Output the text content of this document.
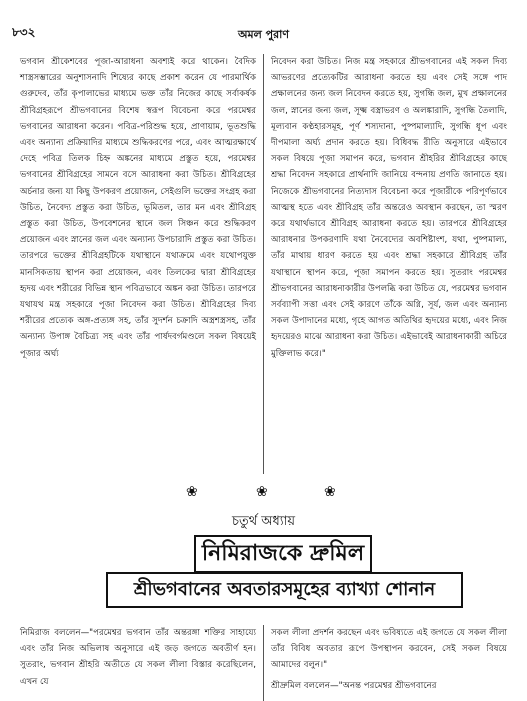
৮৩২	অমল পুরাণ

ভগবান শ্রীকেশবের পূজা-আরাধনা অবশ্যই করে থাকেন। বৈদিক শাস্ত্রসম্ভারের অনুশাসনাদি শিষ্যের কাছে প্রকাশ করেন যে পারমার্থিক গুরুদেব, তাঁর কৃপালাভের মাধ্যমে ভক্ত তাঁর নিজের কাছে সর্বাকর্ষক শ্রীবিগ্রহরূপে শ্রীভগবানের বিশেষ স্বরূপ বিবেচনা করে পরমেশ্বর ভগবানের আরাধনা করেন। পবিত্র-পরিশুদ্ধ হয়ে, প্রাণায়াম, ভূতশুদ্ধি এবং অন্যান্য প্রক্রিয়াদির মাধ্যমে শুদ্ধিকরণের পরে, এবং আত্মরক্ষার্থে দেহে পবিত্র তিলক চিহ্ন অঙ্কনের মাধ্যমে প্রস্তুত হয়ে, পরমেশ্বর ভগবানের শ্রীবিগ্রহের সামনে বসে আরাধনা করা উচিত। শ্রীবিগ্রহের অর্চনার জন্য যা কিছু উপকরণ প্রয়োজন, সেইগুলি ভক্তের সংগ্রহ করা উচিত, নৈবেদ্য প্রস্তুত করা উচিত, ভূমিতল, তার মন এবং শ্রীবিগ্রহ প্রস্তুত করা উচিত, উপবেশনের স্থানে জল সিঞ্চন করে শুদ্ধিকরণ প্রয়োজন এবং স্নানের জল এবং অন্যান্য উপচারাদি প্রস্তুত করা উচিত। তারপরে ভক্তের শ্রীবিগ্রহটিকে যথাস্থানে যথাক্রমে এবং যথোপযুক্ত মানসিকতায় স্থাপন করা প্রয়োজন, এবং তিলকের দ্বারা শ্রীবিগ্রহের হৃদয় এবং শরীরের বিভিন্ন স্থান পবিত্রভাবে অঙ্কন করা উচিত। তারপরে যথাযথ মন্ত্র সহকারে পূজা নিবেদন করা উচিত। শ্রীবিগ্রহের দিব্য শরীরের প্রত্যেক অঙ্গ-প্রত্যঙ্গ সহ, তাঁর সুদর্শন চক্রাদি অস্ত্রশস্ত্রসহ, তাঁর অন্যান্য উপাঙ্গ বৈচিত্র্য সহ এবং তাঁর পার্ষদবর্গমণ্ডলে সকল বিষয়েই পূজার অর্ঘ্য

নিবেদন করা উচিত। নিজ মন্ত্র সহকারে শ্রীভগবানের এই সকল দিব্য আভরণের প্রত্যেকটির আরাধনা করতে হয় এবং সেই সঙ্গে পাদ প্রক্ষালনের জন্য জল নিবেদন করতে হয়, সুগন্ধি জল, মুখ প্রক্ষালনের জল, স্নানের জন্য জল, সূক্ষ্ম বস্ত্রাভরণ ও অলঙ্কারাদি, সুগন্ধি তৈলাদি, মূল্যবান কণ্ঠহারসমূহ, পূর্ণ শস্যদানা, পুষ্পমাল্যাদি, সুগন্ধি ধূপ এবং দীপমালা অর্ঘ্য প্রদান করতে হয়। বিধিবদ্ধ রীতি অনুসারে এইভাবে সকল বিষয়ে পূজা সমাপন করে, ভগবান শ্রীহরির শ্রীবিগ্রহের কাছে শ্রদ্ধা নিবেদন সহকারে প্রার্থনাদি জানিয়ে বন্দনায় প্রণতি জানাতে হয়। নিজেকে শ্রীভগবানের নিত্যদাস বিবেচনা করে পূজারীকে পরিপূর্ণভাবে আত্মস্থ হতে এবং শ্রীবিগ্রহ তাঁর অন্তরেও অবস্থান করছেন, তা স্মরণ করে যথার্থভাবে শ্রীবিগ্রহ আরাধনা করতে হয়। তারপরে শ্রীবিগ্রহের আরাধনার উপকরণাদি যথা নৈবেদ্যের অবশিষ্টাংশ, যথা, পুষ্পমাল্য, তাঁর মাথায় ধারণ করতে হয় এবং শ্রদ্ধা সহকারে শ্রীবিগ্রহ তাঁর যথাস্থানে স্থাপন করে, পূজা সমাপন করতে হয়। সুতরাং পরমেশ্বর শ্রীভগবানের আরাধনাকারীর উপলব্ধি করা উচিত যে, পরমেশ্বর ভগবান সর্বব্যাপী সত্তা এবং সেই কারণে তাঁকে অগ্নি, সূর্য, জল এবং অন্যান্য সকল উপাদানের মধ্যে, গৃহে আগত অতিথির হৃদয়ের মধ্যে, এবং নিজ হৃদয়েরও মাঝে আরাধনা করা উচিত। এইভাবেই আরাধনাকারী অচিরে মুক্তিলাভ করে।"

❀	❀	❀
চতুর্থ অধ্যায়
নিমিরাজকে দ্রুমিল
শ্রীভগবানের অবতারসমূহের ব্যাখ্যা শোনান

নিমিরাজ বললেন—"পরমেশ্বর ভগবান তাঁর অন্তরঙ্গা শক্তির সাহায্যে এবং তাঁর নিজ অভিলাষ অনুসারে এই জড় জগতে অবতীর্ণ হন। সুতরাং, ভগবান শ্রীহরি অতীতে যে সকল লীলা বিস্তার করেছিলেন, এখন যে

সকল লীলা প্রদর্শন করছেন এবং ভবিষ্যতে এই জগতে যে সকল লীলা তাঁর বিবিধ অবতার রূপে উপস্থাপন করবেন, সেই সকল বিষয়ে আমাদের বলুন।"

শ্রীদ্রুমিল বললেন—"অনন্ত পরমেশ্বর শ্রীভগবানের
